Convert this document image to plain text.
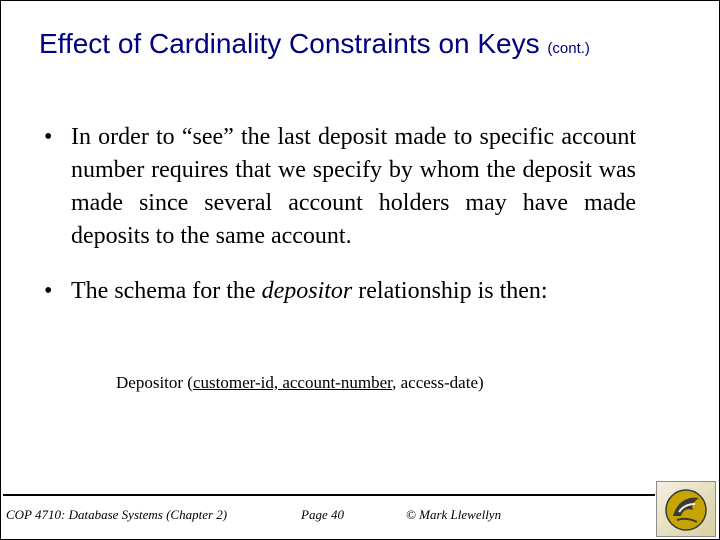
Effect of Cardinality Constraints on Keys (cont.)

• In order to “see” the last deposit made to specific account number requires that we specify by whom the deposit was made since several account holders may have made deposits to the same account.

• The schema for the depositor relationship is then:

Depositor (customer-id, account-number, access-date)
COP 4710: Database Systems (Chapter 2)	Page 40	© Mark Llewellyn
